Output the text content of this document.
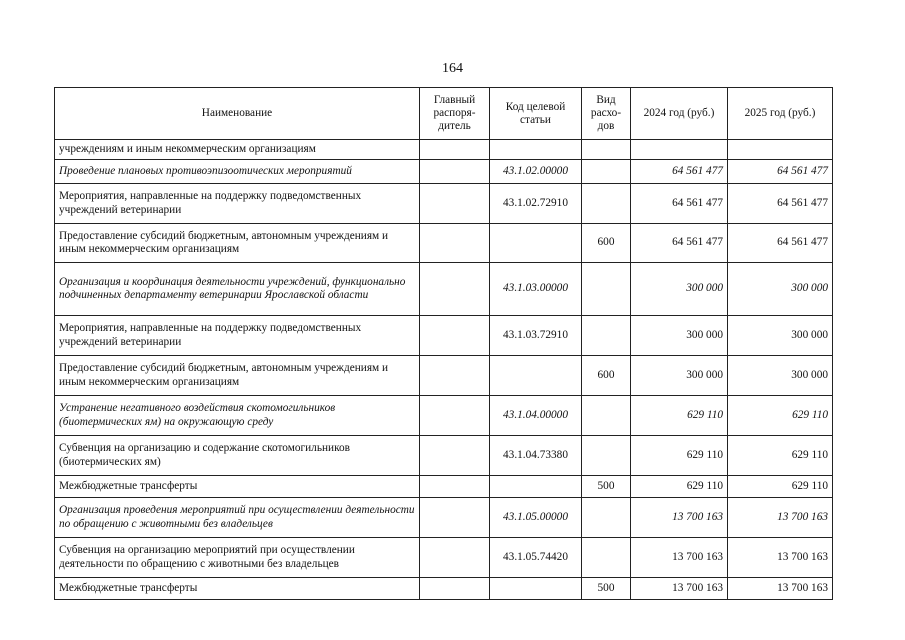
164
Наименование	Главный распоря-дитель	Код целевой статьи	Вид расхо-дов	2024 год (руб.)	2025 год (руб.)
учреждениям и иным некоммерческим организациям					
Проведение плановых противоэпизоотических мероприятий		43.1.02.00000		64 561 477	64 561 477
Мероприятия, направленные на поддержку подведомственных учреждений ветеринарии		43.1.02.72910		64 561 477	64 561 477
Предоставление субсидий бюджетным, автономным учреждениям и иным некоммерческим организациям			600	64 561 477	64 561 477
Организация и координация деятельности учреждений, функционально подчиненных департаменту ветеринарии Ярославской области		43.1.03.00000		300 000	300 000
Мероприятия, направленные на поддержку подведомственных учреждений ветеринарии		43.1.03.72910		300 000	300 000
Предоставление субсидий бюджетным, автономным учреждениям и иным некоммерческим организациям			600	300 000	300 000
Устранение негативного воздействия скотомогильников (биотермических ям) на окружающую среду		43.1.04.00000		629 110	629 110
Субвенция на организацию и содержание скотомогильников (биотермических ям)		43.1.04.73380		629 110	629 110
Межбюджетные трансферты			500	629 110	629 110
Организация проведения мероприятий при осуществлении деятельности по обращению с животными без владельцев		43.1.05.00000		13 700 163	13 700 163
Субвенция на организацию мероприятий при осуществлении деятельности по обращению с животными без владельцев		43.1.05.74420		13 700 163	13 700 163
Межбюджетные трансферты			500	13 700 163	13 700 163
